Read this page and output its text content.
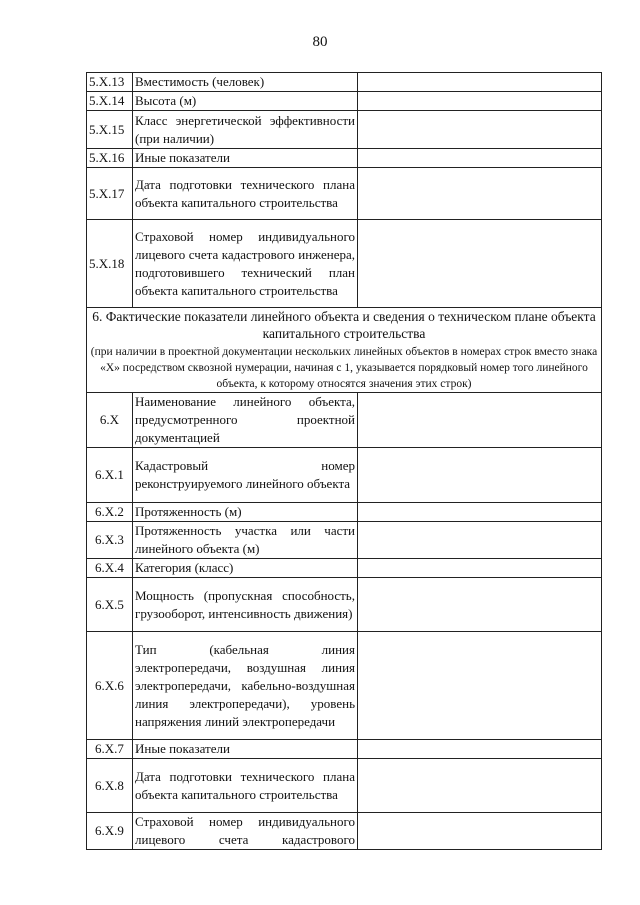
80
5.X.13	Вместимость (человек)	
5.X.14	Высота (м)	
5.X.15	Класс энергетической эффективности (при наличии)	
5.X.16	Иные показатели	
5.X.17	Дата подготовки технического плана объекта капитального строительства	
5.X.18	Страховой номер индивидуального лицевого счета кадастрового инженера, подготовившего технический план объекта капитального строительства	

6. Фактические показатели линейного объекта и сведения о техническом плане объекта капитального строительства
(при наличии в проектной документации нескольких линейных объектов в номерах строк вместо знака «X» посредством сквозной нумерации, начиная с 1, указывается порядковый номер того линейного объекта, к которому относятся значения этих строк)		

6.X	Наименование линейного объекта, предусмотренного проектной документацией	
6.X.1	Кадастровый номер реконструируемого линейного объекта	
6.X.2	Протяженность (м)	
6.X.3	Протяженность участка или части линейного объекта (м)	
6.X.4	Категория (класс)	
6.X.5	Мощность (пропускная способность, грузооборот, интенсивность движения)	
6.X.6	Тип (кабельная линия электропередачи, воздушная линия электропередачи, кабельно-воздушная линия электропередачи), уровень напряжения линий электропередачи	
6.X.7	Иные показатели	
6.X.8	Дата подготовки технического плана объекта капитального строительства	
6.X.9	Страховой номер индивидуального лицевого счета кадастрового	
